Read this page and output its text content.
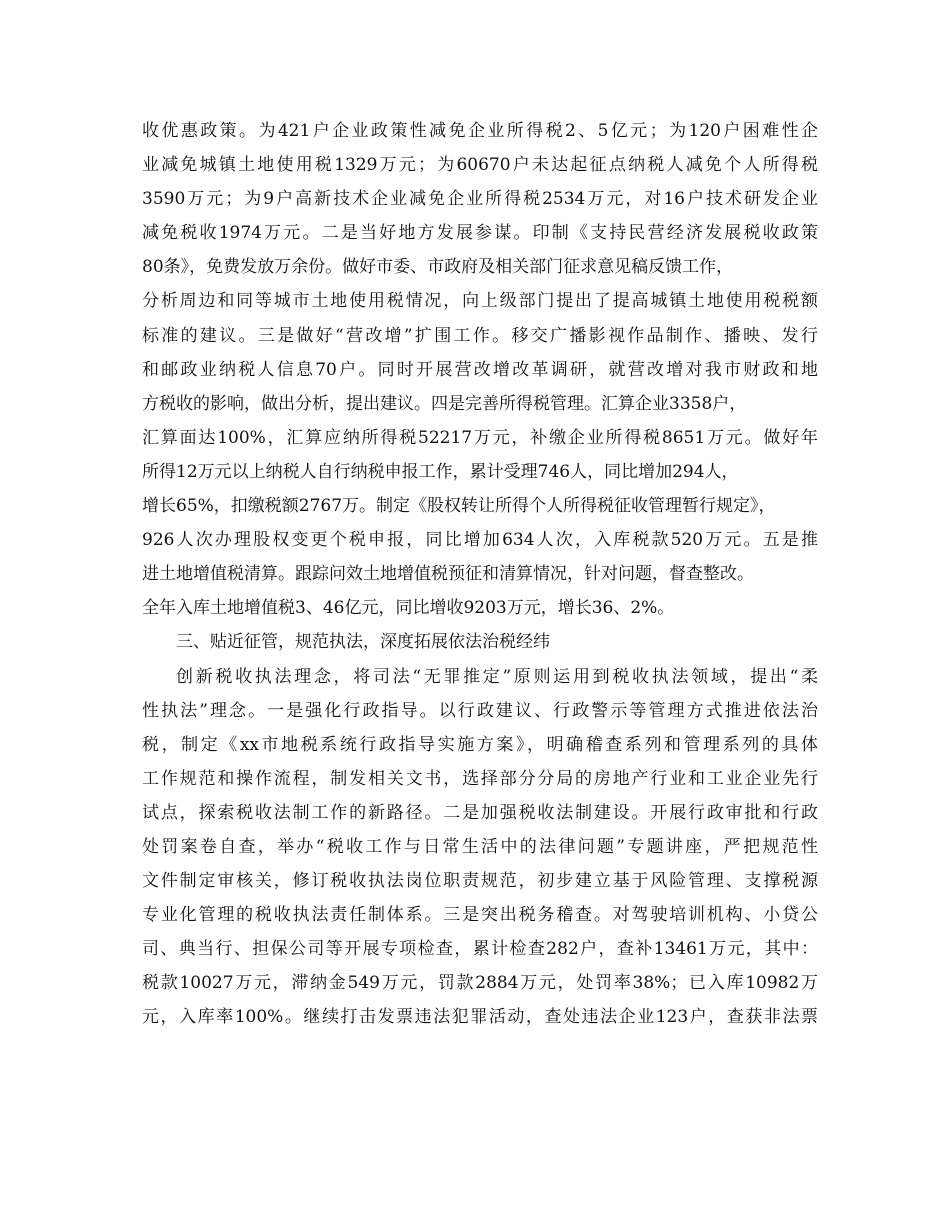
收优惠政策。为421户企业政策性减免企业所得税2、5亿元；为120户困难性企
业减免城镇土地使用税1329万元；为60670户未达起征点纳税人减免个人所得税
3590万元；为9户高新技术企业减免企业所得税2534万元，对16户技术研发企业
减免税收1974万元。二是当好地方发展参谋。印制《支持民营经济发展税收政策
80条》，免费发放万余份。做好市委、市政府及相关部门征求意见稿反馈工作，
分析周边和同等城市土地使用税情况，向上级部门提出了提高城镇土地使用税税额
标准的建议。三是做好“营改增”扩围工作。移交广播影视作品制作、播映、发行
和邮政业纳税人信息70户。同时开展营改增改革调研，就营改增对我市财政和地
方税收的影响，做出分析，提出建议。四是完善所得税管理。汇算企业3358户，
汇算面达100%，汇算应纳所得税52217万元，补缴企业所得税8651万元。做好年
所得12万元以上纳税人自行纳税申报工作，累计受理746人，同比增加294人，
增长65%，扣缴税额2767万。制定《股权转让所得个人所得税征收管理暂行规定》，
926人次办理股权变更个税申报，同比增加634人次，入库税款520万元。五是推
进土地增值税清算。跟踪问效土地增值税预征和清算情况，针对问题，督查整改。
全年入库土地增值税3、46亿元，同比增收9203万元，增长36、2%。
三、贴近征管，规范执法，深度拓展依法治税经纬
创新税收执法理念，将司法“无罪推定”原则运用到税收执法领域，提出“柔
性执法”理念。一是强化行政指导。以行政建议、行政警示等管理方式推进依法治
税，制定《xx市地税系统行政指导实施方案》，明确稽查系列和管理系列的具体
工作规范和操作流程，制发相关文书，选择部分分局的房地产行业和工业企业先行
试点，探索税收法制工作的新路径。二是加强税收法制建设。开展行政审批和行政
处罚案卷自查，举办“税收工作与日常生活中的法律问题”专题讲座，严把规范性
文件制定审核关，修订税收执法岗位职责规范，初步建立基于风险管理、支撑税源
专业化管理的税收执法责任制体系。三是突出税务稽查。对驾驶培训机构、小贷公
司、典当行、担保公司等开展专项检查，累计检查282户，查补13461万元，其中：
税款10027万元，滞纳金549万元，罚款2884万元，处罚率38%；已入库10982万
元，入库率100%。继续打击发票违法犯罪活动，查处违法企业123户，查获非法票
